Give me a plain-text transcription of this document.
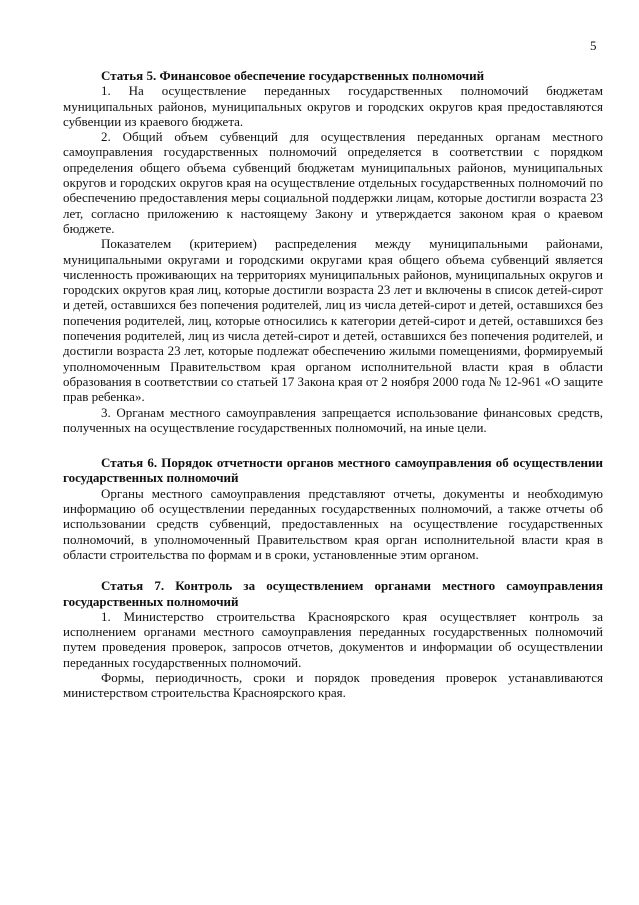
5

Статья 5. Финансовое обеспечение государственных полномочий

1. На осуществление переданных государственных полномочий бюджетам муниципальных районов, муниципальных округов и городских округов края предоставляются субвенции из краевого бюджета.

2. Общий объем субвенций для осуществления переданных органам местного самоуправления государственных полномочий определяется в соответствии с порядком определения общего объема субвенций бюджетам муниципальных районов, муниципальных округов и городских округов края на осуществление отдельных государственных полномочий по обеспечению предоставления меры социальной поддержки лицам, которые достигли возраста 23 лет, согласно приложению к настоящему Закону и утверждается законом края о краевом бюджете.

Показателем (критерием) распределения между муниципальными районами, муниципальными округами и городскими округами края общего объема субвенций является численность проживающих на территориях муниципальных районов, муниципальных округов и городских округов края лиц, которые достигли возраста 23 лет и включены в список детей-сирот и детей, оставшихся без попечения родителей, лиц из числа детей-сирот и детей, оставшихся без попечения родителей, лиц, которые относились к категории детей-сирот и детей, оставшихся без попечения родителей, лиц из числа детей-сирот и детей, оставшихся без попечения родителей, и достигли возраста 23 лет, которые подлежат обеспечению жилыми помещениями, формируемый уполномоченным Правительством края органом исполнительной власти края в области образования в соответствии со статьей 17 Закона края от 2 ноября 2000 года № 12-961 «О защите прав ребенка».

3. Органам местного самоуправления запрещается использование финансовых средств, полученных на осуществление государственных полномочий, на иные цели.

Статья 6. Порядок отчетности органов местного самоуправления об осуществлении государственных полномочий

Органы местного самоуправления представляют отчеты, документы и необходимую информацию об осуществлении переданных государственных полномочий, а также отчеты об использовании средств субвенций, предоставленных на осуществление государственных полномочий, в уполномоченный Правительством края орган исполнительной власти края в области строительства по формам и в сроки, установленные этим органом.

Статья 7. Контроль за осуществлением органами местного самоуправления государственных полномочий

1. Министерство строительства Красноярского края осуществляет контроль за исполнением органами местного самоуправления переданных государственных полномочий путем проведения проверок, запросов отчетов, документов и информации об осуществлении переданных государственных полномочий.

Формы, периодичность, сроки и порядок проведения проверок устанавливаются министерством строительства Красноярского края.
